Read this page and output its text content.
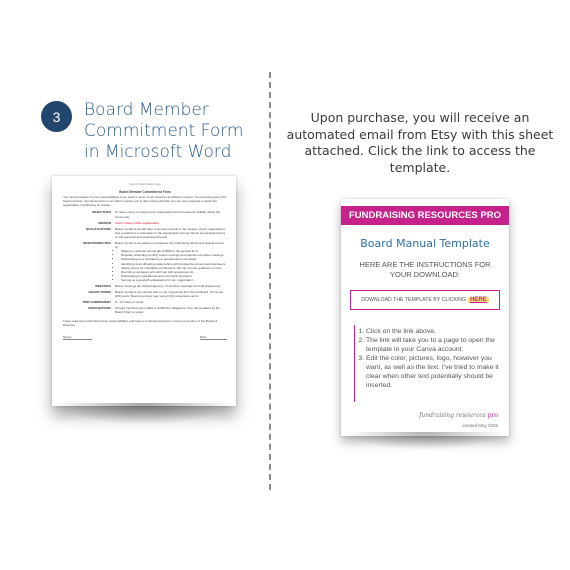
3	Board Member
Commitment Form
in Microsoft Word
Upon purchase, you will receive an automated email from Etsy with this sheet attached. Click the link to access the template.
Insert Organization logo
Board Member Commitment Form
You must be aware of your responsibilities if you want to serve on the board in an efficient manner. You are being given this board member commitment form in an effort to assist you in determining whether you are now prepared to assist the organization in furthering its mission.
OBJECTIVES	To raise money to support [our organization] and increase its visibility within the community.
MISSION	Insert mission of the organization
QUALIFICATIONS	Board members should have a genuine interest in the mission of [our organization] and a readiness to advocate for the organization among friends and acquaintances on the personal and professional levels.
RESPONSIBILITIES	Board members are asked to participate our fundraising efforts and special events by:
• Making a minimum annual gift of $500 to the general fund.
• Regularly attending monthly board meetings and special committee meetings.
• Participating on a fundraising or special event committee.
• Identifying and cultivating relationships with prospective donors and volunteers.
• Asking others for charitable contributions. We can provide guidance on how.
• Recruiting volunteers who will help with special events.
• Participating in educational and community programs.
• Serving as a goodwill ambassador for our organization.
MEETINGS	Board meetings are held [frequency]. Committee meetings are held [frequency].
BOARD TERMS	Board members are elected with a vote of approval from the full Board. Terms are [2/3] years. Board members may serve [2/3] consecutive terms.
TIME COMMITMENT	8 – 12 hours a month
RESIGNATIONS	If board members are unable to fulfill their obligations, they will be asked by the Board Chair to resign.
I have read and understand these responsibilities and have a continued interest in a being a member of the Board of Directors.
Name:	Date:
FUNDRAISING RESOURCES PRO
Board Manual Template
HERE ARE THE INSTRUCTIONS FOR YOUR DOWNLOAD:
DOWNLOAD THE TEMPLATE BY CLICKING HERE
1. Click on the link above.
2. The link will take you to a page to open the template in your Canva account.
3. Edit the color, pictures, logo, however you want, as well as the text. I've tried to make it clear when other text potentially should be inserted.
fundraising resources pro
created May 2025
